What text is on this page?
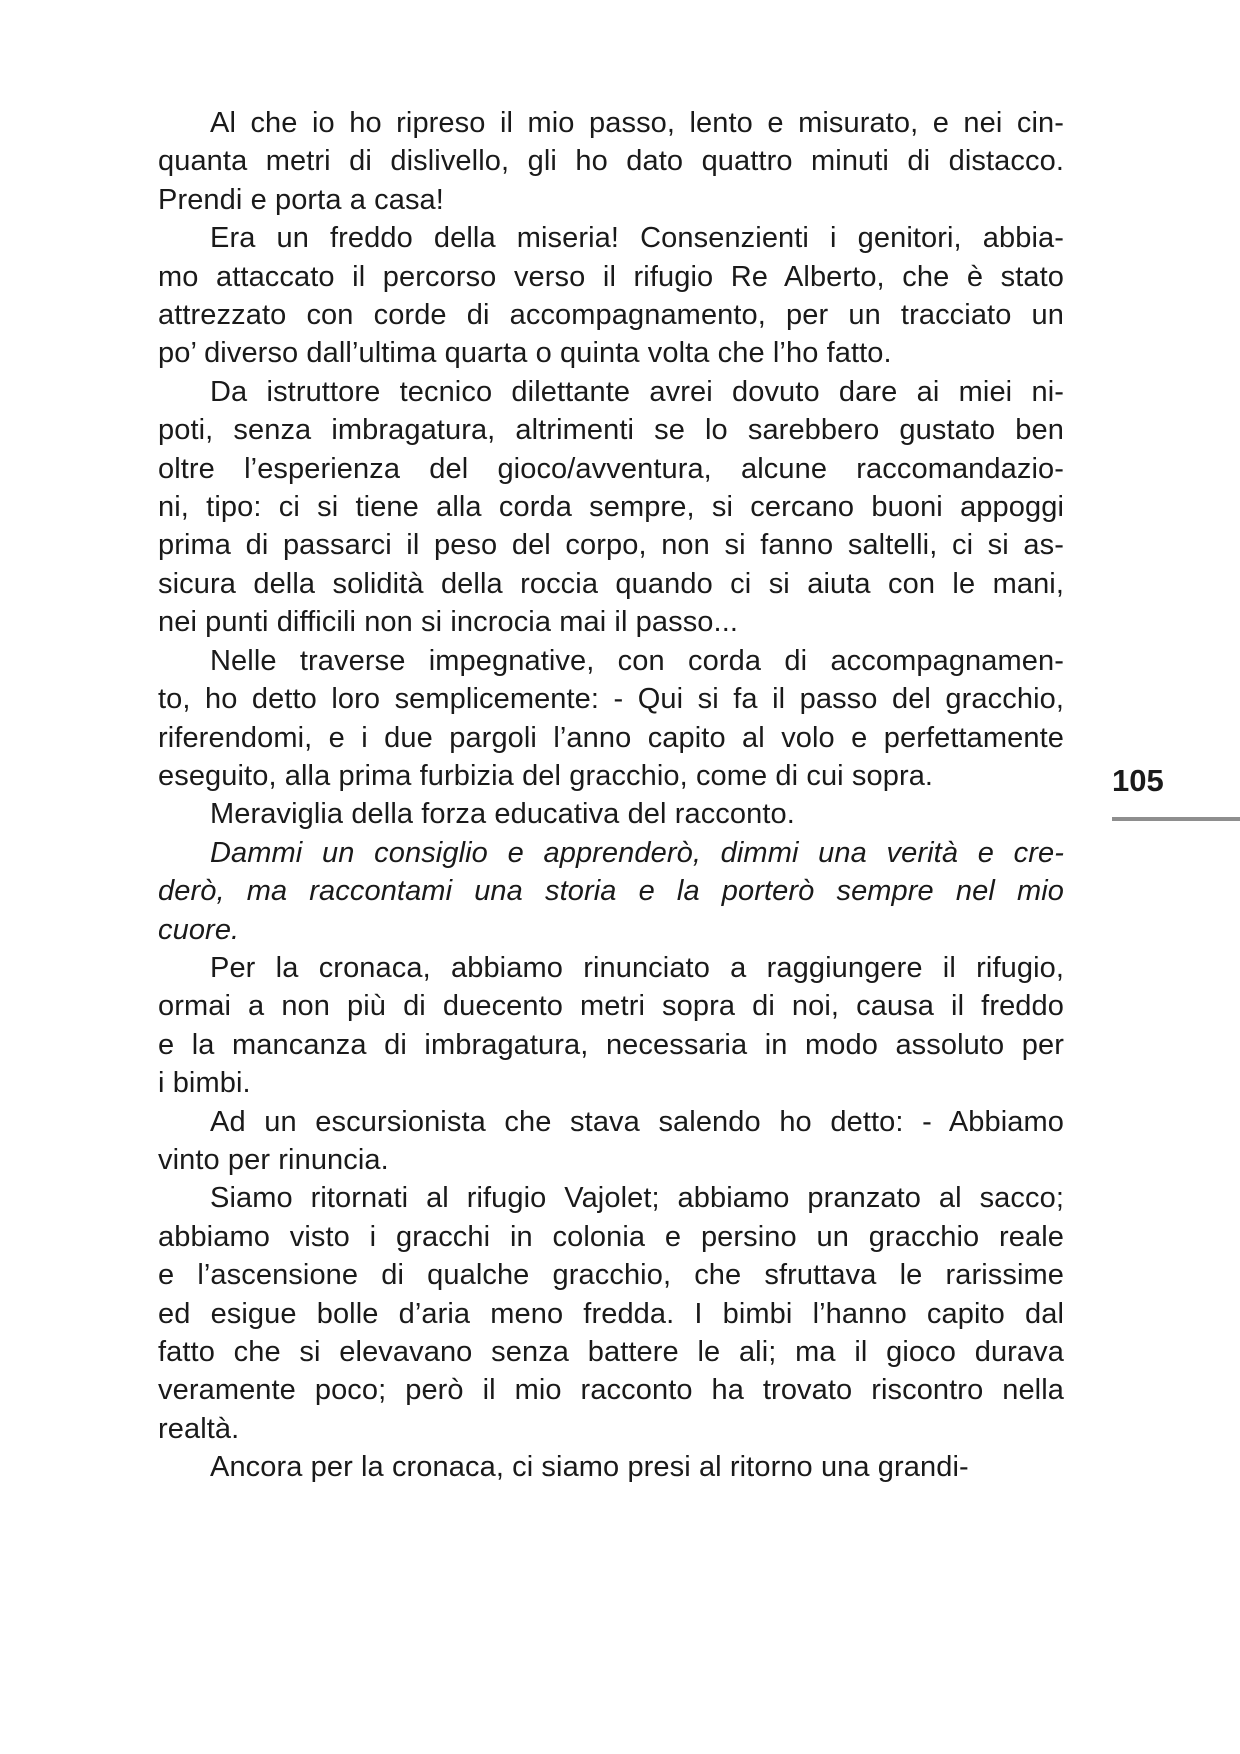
Al che io ho ripreso il mio passo, lento e misurato, e nei cin-
quanta metri di dislivello, gli ho dato quattro minuti di distacco.
Prendi e porta a casa!
Era un freddo della miseria! Consenzienti i genitori, abbia-
mo attaccato il percorso verso il rifugio Re Alberto, che è stato
attrezzato con corde di accompagnamento, per un tracciato un
po’ diverso dall’ultima quarta o quinta volta che l’ho fatto.
Da istruttore tecnico dilettante avrei dovuto dare ai miei ni-
poti, senza imbragatura, altrimenti se lo sarebbero gustato ben
oltre l’esperienza del gioco/avventura, alcune raccomandazio-
ni, tipo: ci si tiene alla corda sempre, si cercano buoni appoggi
prima di passarci il peso del corpo, non si fanno saltelli, ci si as-
sicura della solidità della roccia quando ci si aiuta con le mani,
nei punti difficili non si incrocia mai il passo...
Nelle traverse impegnative, con corda di accompagnamen-
to, ho detto loro semplicemente: - Qui si fa il passo del gracchio,
riferendomi, e i due pargoli l’anno capito al volo e perfettamente
eseguito, alla prima furbizia del gracchio, come di cui sopra.
Meraviglia della forza educativa del racconto.
Dammi un consiglio e apprenderò, dimmi una verità e cre-
derò, ma raccontami una storia e la porterò sempre nel mio
cuore.
Per la cronaca, abbiamo rinunciato a raggiungere il rifugio,
ormai a non più di duecento metri sopra di noi, causa il freddo
e la mancanza di imbragatura, necessaria in modo assoluto per
i bimbi.
Ad un escursionista che stava salendo ho detto: - Abbiamo
vinto per rinuncia.
Siamo ritornati al rifugio Vajolet; abbiamo pranzato al sacco;
abbiamo visto i gracchi in colonia e persino un gracchio reale
e l’ascensione di qualche gracchio, che sfruttava le rarissime
ed esigue bolle d’aria meno fredda. I bimbi l’hanno capito dal
fatto che si elevavano senza battere le ali; ma il gioco durava
veramente poco; però il mio racconto ha trovato riscontro nella
realtà.
Ancora per la cronaca, ci siamo presi al ritorno una grandi-
105
